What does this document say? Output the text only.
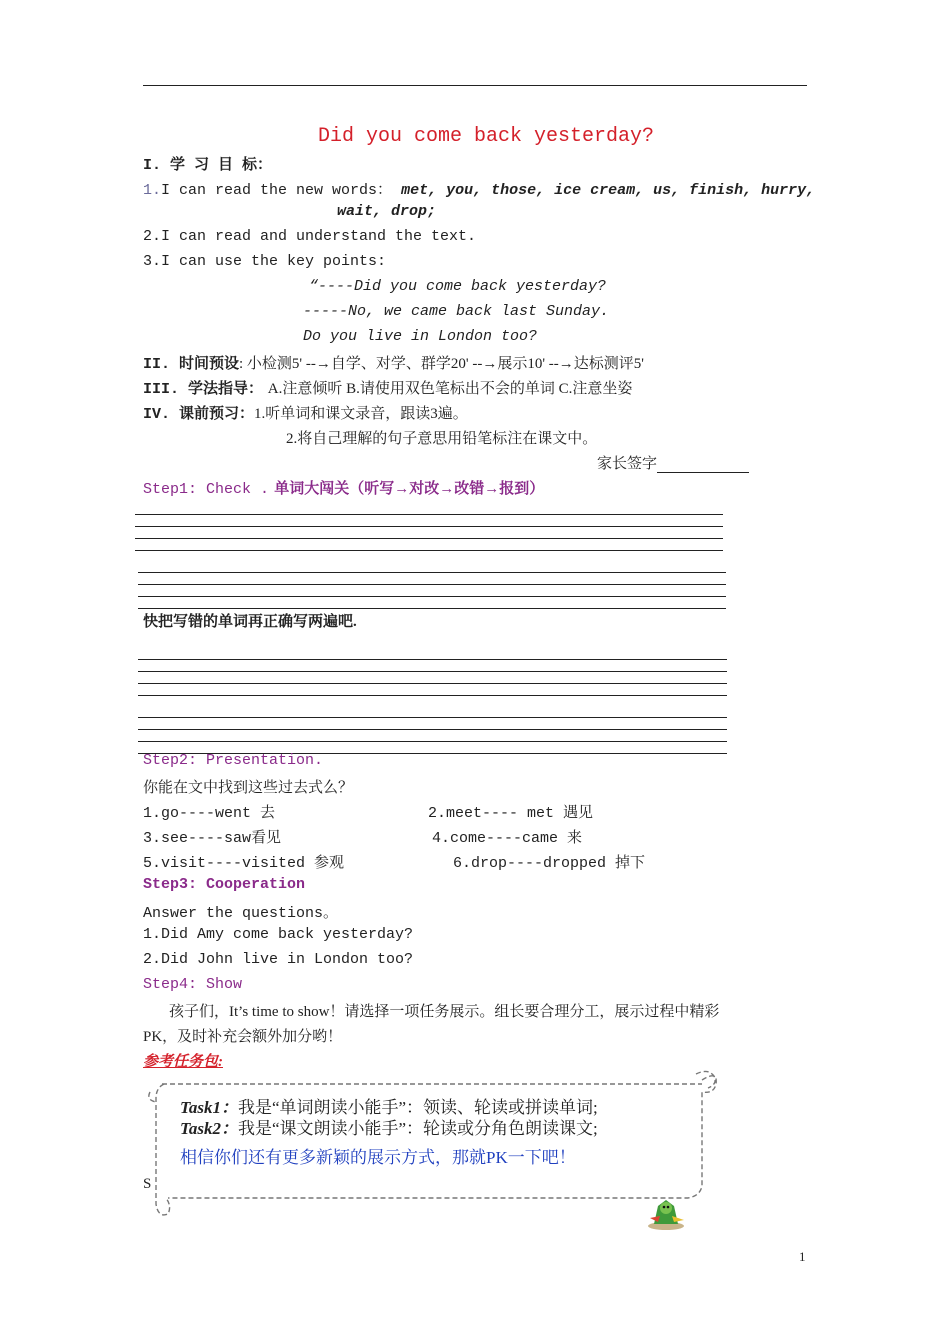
Did you come back yesterday?
I. 学 习 目 标：
1.I can read the new words： met, you, those, ice cream, us, finish, hurry,
wait, drop;
2.I can read and understand the text.
3.I can use the key points:
“----Did you come back yesterday?
-----No, we came back last Sunday.
Do you live in London too?
II. 时间预设: 小检测5' --→自学、对学、群学20' --→展示10' --→达标测评5'
III. 学法指导： A.注意倾听 B.请使用双色笔标出不会的单词 C.注意坐姿
IV. 课前预习：1.听单词和课文录音，跟读3遍。
2.将自己理解的句子意思用铅笔标注在课文中。
家长签字
Step1: Check . 单词大闯关（听写→对改→改错→报到）
快把写错的单词再正确写两遍吧.
Step2: Presentation.
你能在文中找到这些过去式么？
1.go----went 去	2.meet---- met 遇见
3.see----saw看见	4.come----came 来
5.visit----visited 参观	6.drop----dropped 掉下
Step3: Cooperation
Answer the questions。
1.Did Amy come back yesterday?
2.Did John live in London too?
Step4: Show
孩子们，It’s time to show！请选择一项任务展示。组长要合理分工，展示过程中精彩
PK，及时补充会额外加分哟！
参考任务包:
S
Task1：我是“单词朗读小能手”：领读、轮读或拼读单词;
Task2：我是“课文朗读小能手”：轮读或分角色朗读课文;
相信你们还有更多新颖的展示方式，那就PK一下吧！
1
